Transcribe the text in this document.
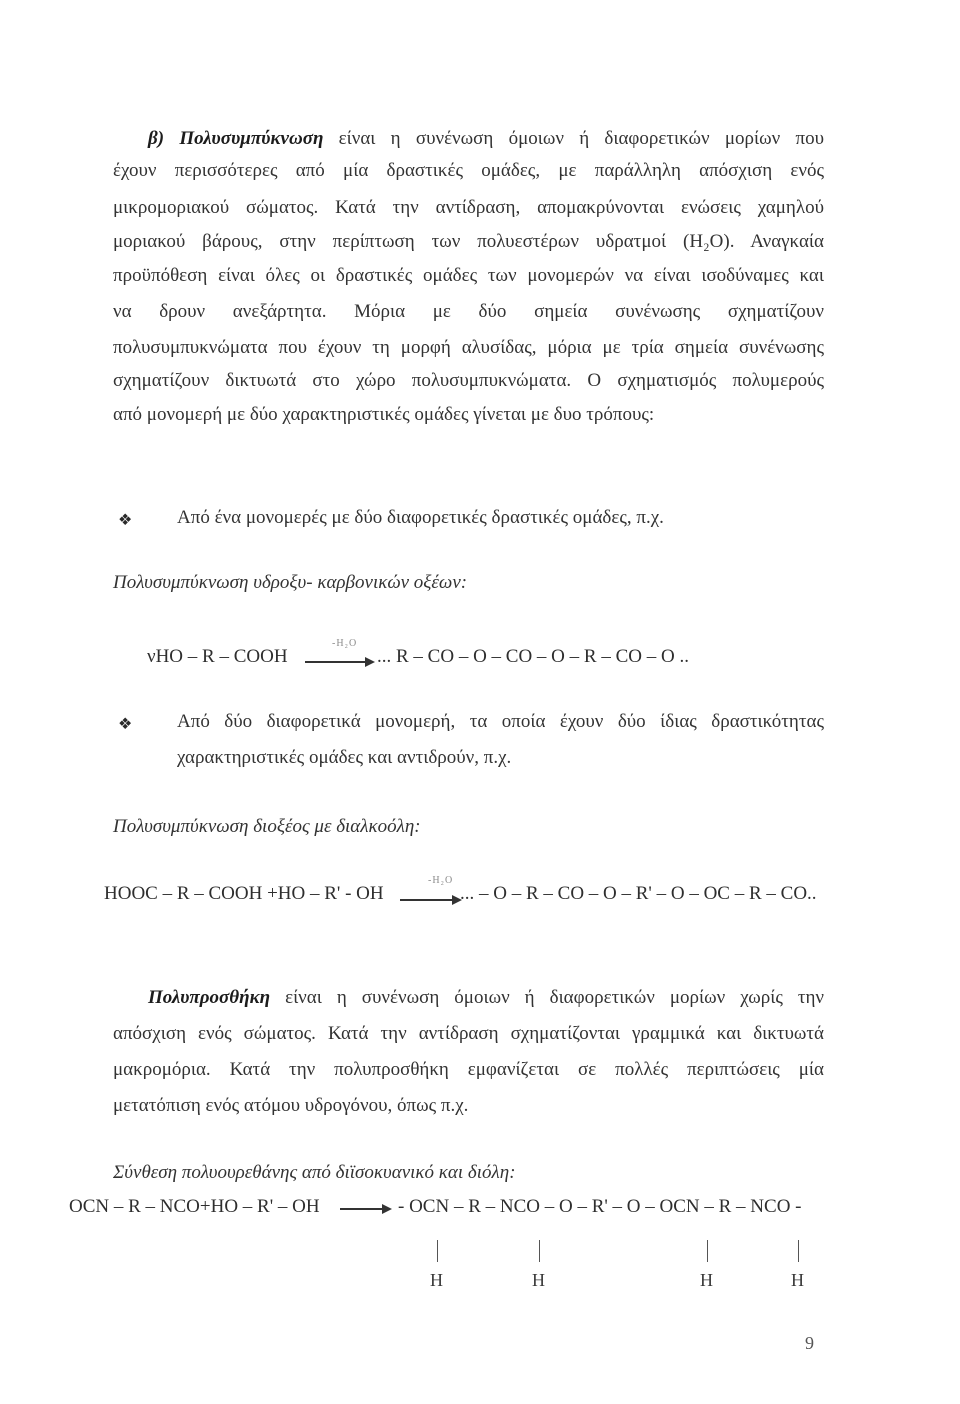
β) Πολυσυμπύκνωση είναι η συνένωση όμοιων ή διαφορετικών μορίων που
έχουν περισσότερες από μία δραστικές ομάδες, με παράλληλη απόσχιση ενός
μικρομοριακού σώματος. Κατά την αντίδραση, απομακρύνονται ενώσεις χαμηλού
μοριακού βάρους, στην περίπτωση των πολυεστέρων υδρατμοί (H₂O). Αναγκαία
προϋπόθεση είναι όλες οι δραστικές ομάδες των μονομερών να είναι ισοδύναμες και
να δρουν ανεξάρτητα. Μόρια με δύο σημεία συνένωσης σχηματίζουν
πολυσυμπυκνώματα που έχουν τη μορφή αλυσίδας, μόρια με τρία σημεία συνένωσης
σχηματίζουν δικτυωτά στο χώρο πολυσυμπυκνώματα. Ο σχηματισμός πολυμερούς
από μονομερή με δύο χαρακτηριστικές ομάδες γίνεται με δυο τρόπους:
❖ Από ένα μονομερές με δύο διαφορετικές δραστικές ομάδες, π.χ.
Πολυσυμπύκνωση υδροξυ- καρβονικών οξέων:
νHO – R – COOH
-H₂O
... R – CO – O – CO – O – R – CO – O ..
❖ Από δύο διαφορετικά μονομερή, τα οποία έχουν δύο ίδιας δραστικότητας
χαρακτηριστικές ομάδες και αντιδρούν, π.χ.
Πολυσυμπύκνωση διοξέος με διαλκοόλη:
HOOC – R – COOH +HO – R' - OH
-H₂O
... – O – R – CO – O – R' – O – OC – R – CO..
Πολυπροσθήκη είναι η συνένωση όμοιων ή διαφορετικών μορίων χωρίς την
απόσχιση ενός σώματος. Κατά την αντίδραση σχηματίζονται γραμμικά και δικτυωτά
μακρομόρια. Κατά την πολυπροσθήκη εμφανίζεται σε πολλές περιπτώσεις μία
μετατόπιση ενός ατόμου υδρογόνου, όπως π.χ.
Σύνθεση πολυουρεθάνης από διϊσοκυανικό και διόλη:
OCN – R – NCO+HO – R' – OH	- OCN – R – NCO – O – R' – O – OCN – R – NCO -
H	H	H	H
9
